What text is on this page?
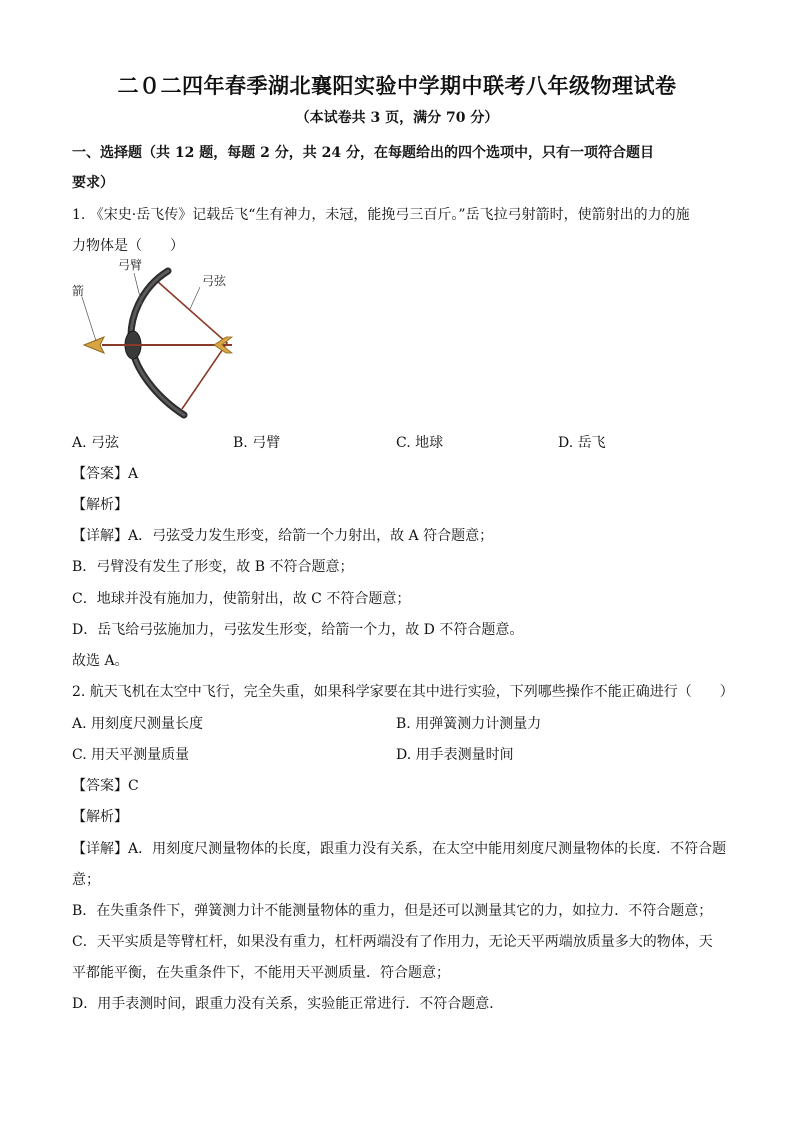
二０二四年春季湖北襄阳实验中学期中联考八年级物理试卷
（本试卷共 3 页，满分 70 分）
一、选择题（共 12 题，每题 2 分，共 24 分，在每题给出的四个选项中，只有一项符合题目
要求）
1. 《宋史·岳飞传》记载岳飞“生有神力，未冠，能挽弓三百斤。”岳飞拉弓射箭时，使箭射出的力的施
力物体是（　　）
箭
弓臂
弓弦
A. 弓弦	B. 弓臂	C. 地球	D. 岳飞
【答案】A
【解析】
【详解】A．弓弦受力发生形变，给箭一个力射出，故 A 符合题意；
B．弓臂没有发生了形变，故 B 不符合题意；
C．地球并没有施加力，使箭射出，故 C 不符合题意；
D．岳飞给弓弦施加力，弓弦发生形变，给箭一个力，故 D 不符合题意。
故选 A。
2. 航天飞机在太空中飞行，完全失重，如果科学家要在其中进行实验，下列哪些操作不能正确进行（　　）
A. 用刻度尺测量长度	B. 用弹簧测力计测量力
C. 用天平测量质量	D. 用手表测量时间
【答案】C
【解析】
【详解】A．用刻度尺测量物体的长度，跟重力没有关系，在太空中能用刻度尺测量物体的长度．不符合题
意；
B．在失重条件下，弹簧测力计不能测量物体的重力，但是还可以测量其它的力，如拉力．不符合题意；
C．天平实质是等臂杠杆，如果没有重力，杠杆两端没有了作用力，无论天平两端放质量多大的物体，天
平都能平衡，在失重条件下，不能用天平测质量．符合题意；
D．用手表测时间，跟重力没有关系，实验能正常进行．不符合题意．
